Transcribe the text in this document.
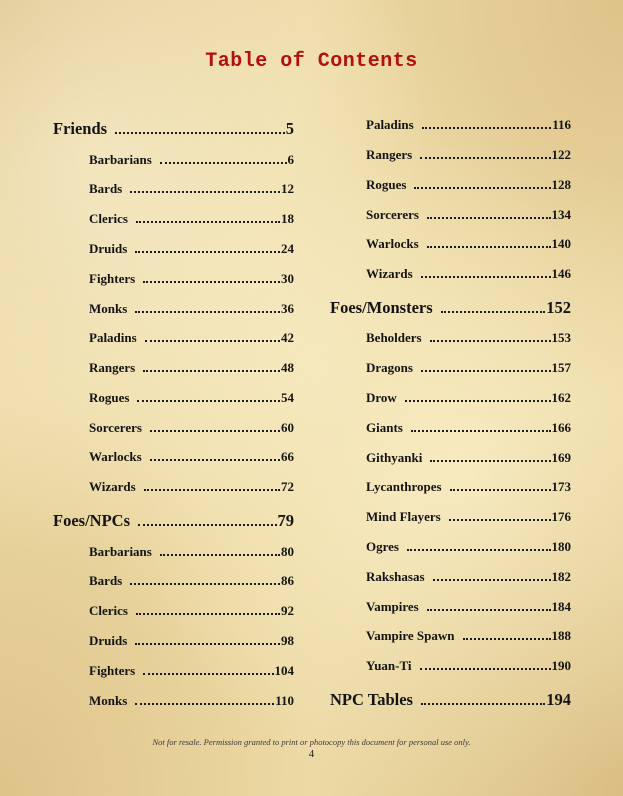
Table of Contents
Friends	5
Barbarians	6
Bards	12
Clerics	18
Druids	24
Fighters	30
Monks	36
Paladins	42
Rangers	48
Rogues	54
Sorcerers	60
Warlocks	66
Wizards	72
Foes/NPCs	79
Barbarians	80
Bards	86
Clerics	92
Druids	98
Fighters	104
Monks	110
Paladins	116
Rangers	122
Rogues	128
Sorcerers	134
Warlocks	140
Wizards	146
Foes/Monsters	152
Beholders	153
Dragons	157
Drow	162
Giants	166
Githyanki	169
Lycanthropes	173
Mind Flayers	176
Ogres	180
Rakshasas	182
Vampires	184
Vampire Spawn	188
Yuan-Ti	190
NPC Tables	194
Not for resale. Permission granted to print or photocopy this document for personal use only.
4
